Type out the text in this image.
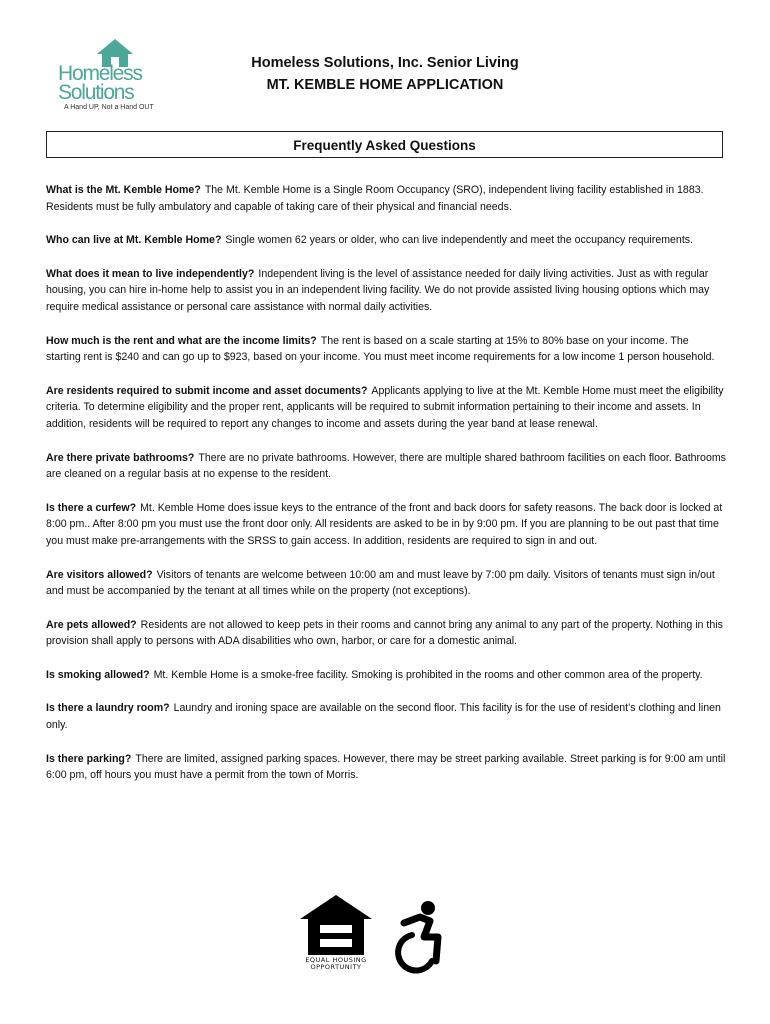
Homeless
Solutions
A Hand UP, Not a Hand OUT
Homeless Solutions, Inc. Senior Living
MT. KEMBLE HOME APPLICATION
Frequently Asked Questions

What is the Mt. Kemble Home? The Mt. Kemble Home is a Single Room Occupancy (SRO), independent living facility established in 1883. Residents must be fully ambulatory and capable of taking care of their physical and financial needs.

Who can live at Mt. Kemble Home? Single women 62 years or older, who can live independently and meet the occupancy requirements.

What does it mean to live independently? Independent living is the level of assistance needed for daily living activities. Just as with regular housing, you can hire in-home help to assist you in an independent living facility. We do not provide assisted living housing options which may require medical assistance or personal care assistance with normal daily activities.

How much is the rent and what are the income limits? The rent is based on a scale starting at 15% to 80% base on your income. The starting rent is $240 and can go up to $923, based on your income. You must meet income requirements for a low income 1 person household.

Are residents required to submit income and asset documents? Applicants applying to live at the Mt. Kemble Home must meet the eligibility criteria. To determine eligibility and the proper rent, applicants will be required to submit information pertaining to their income and assets. In addition, residents will be required to report any changes to income and assets during the year band at lease renewal.

Are there private bathrooms? There are no private bathrooms. However, there are multiple shared bathroom facilities on each floor. Bathrooms are cleaned on a regular basis at no expense to the resident.

Is there a curfew? Mt. Kemble Home does issue keys to the entrance of the front and back doors for safety reasons. The back door is locked at 8:00 pm.. After 8:00 pm you must use the front door only. All residents are asked to be in by 9:00 pm. If you are planning to be out past that time you must make pre-arrangements with the SRSS to gain access. In addition, residents are required to sign in and out.

Are visitors allowed? Visitors of tenants are welcome between 10:00 am and must leave by 7:00 pm daily. Visitors of tenants must sign in/out and must be accompanied by the tenant at all times while on the property (not exceptions).

Are pets allowed? Residents are not allowed to keep pets in their rooms and cannot bring any animal to any part of the property. Nothing in this provision shall apply to persons with ADA disabilities who own, harbor, or care for a domestic animal.

Is smoking allowed? Mt. Kemble Home is a smoke-free facility. Smoking is prohibited in the rooms and other common area of the property.

Is there a laundry room? Laundry and ironing space are available on the second floor. This facility is for the use of resident’s clothing and linen only.

Is there parking? There are limited, assigned parking spaces. However, there may be street parking available. Street parking is for 9:00 am until 6:00 pm, off hours you must have a permit from the town of Morris.

EQUAL HOUSING OPPORTUNITY
